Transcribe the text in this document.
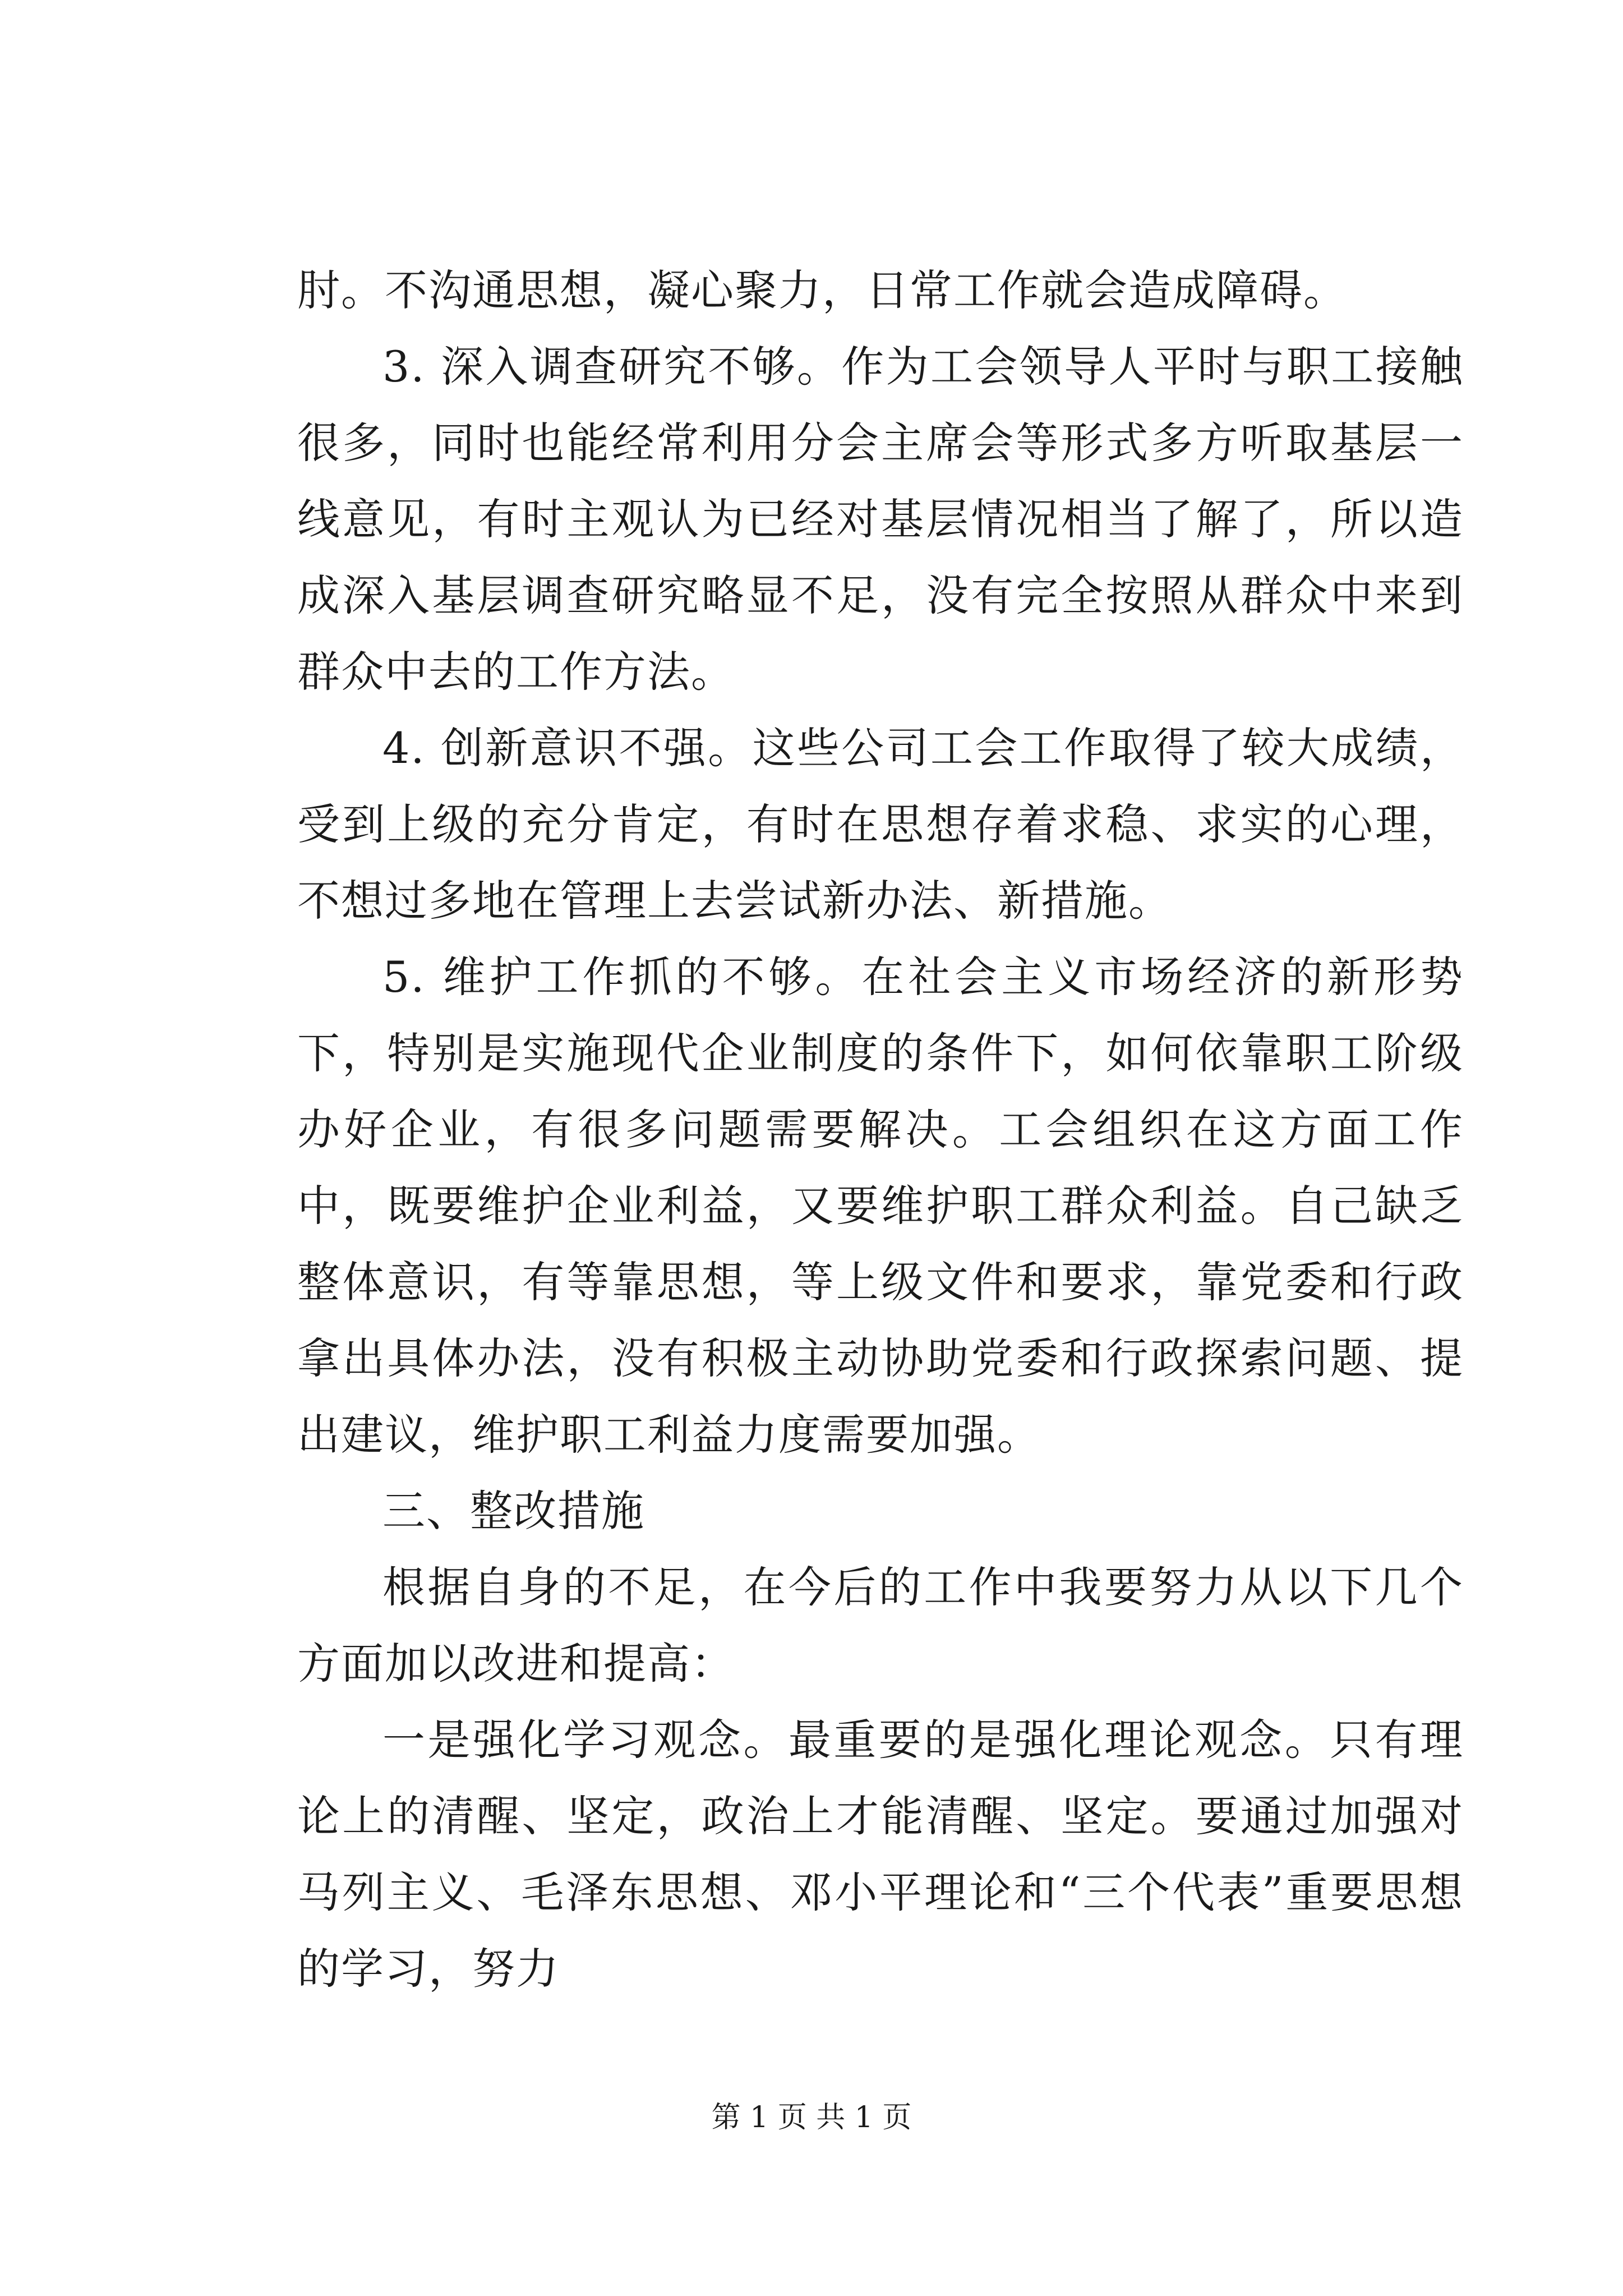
肘。不沟通思想，凝心聚力，日常工作就会造成障碍。

3. 深入调查研究不够。作为工会领导人平时与职工接触很多，同时也能经常利用分会主席会等形式多方听取基层一线意见，有时主观认为已经对基层情况相当了解了，所以造成深入基层调查研究略显不足，没有完全按照从群众中来到群众中去的工作方法。

4. 创新意识不强。这些公司工会工作取得了较大成绩，受到上级的充分肯定，有时在思想存着求稳、求实的心理，不想过多地在管理上去尝试新办法、新措施。

5. 维护工作抓的不够。在社会主义市场经济的新形势下，特别是实施现代企业制度的条件下，如何依靠职工阶级办好企业，有很多问题需要解决。工会组织在这方面工作中，既要维护企业利益，又要维护职工群众利益。自己缺乏整体意识，有等靠思想，等上级文件和要求，靠党委和行政拿出具体办法，没有积极主动协助党委和行政探索问题、提出建议，维护职工利益力度需要加强。

三、整改措施

根据自身的不足，在今后的工作中我要努力从以下几个方面加以改进和提高：

一是强化学习观念。最重要的是强化理论观念。只有理论上的清醒、坚定，政治上才能清醒、坚定。要通过加强对马列主义、毛泽东思想、邓小平理论和“三个代表”重要思想的学习，努力

第 1 页 共 1 页
